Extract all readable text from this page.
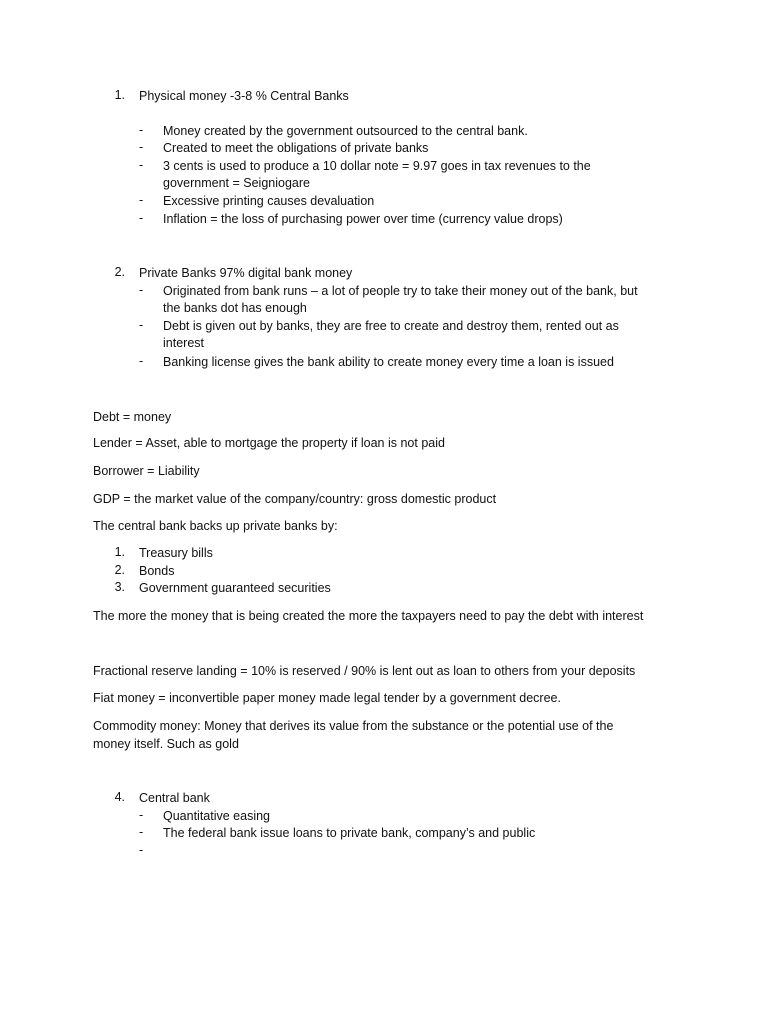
1. Physical money -3-8 % Central Banks
- Money created by the government outsourced to the central bank.
- Created to meet the obligations of private banks
- 3 cents is used to produce a 10 dollar note = 9.97 goes in tax revenues to the
government = Seigniogare
- Excessive printing causes devaluation
- Inflation = the loss of purchasing power over time (currency value drops)
2. Private Banks 97% digital bank money
- Originated from bank runs – a lot of people try to take their money out of the bank, but
the banks dot has enough
- Debt is given out by banks, they are free to create and destroy them, rented out as
interest
- Banking license gives the bank ability to create money every time a loan is issued
Debt = money
Lender = Asset, able to mortgage the property if loan is not paid
Borrower = Liability
GDP = the market value of the company/country: gross domestic product
The central bank backs up private banks by:
1. Treasury bills
2. Bonds
3. Government guaranteed securities
The more the money that is being created the more the taxpayers need to pay the debt with interest
Fractional reserve landing = 10% is reserved / 90% is lent out as loan to others from your deposits
Fiat money = inconvertible paper money made legal tender by a government decree.
Commodity money: Money that derives its value from the substance or the potential use of the
money itself. Such as gold
4. Central bank
- Quantitative easing
- The federal bank issue loans to private bank, company’s and public
-
